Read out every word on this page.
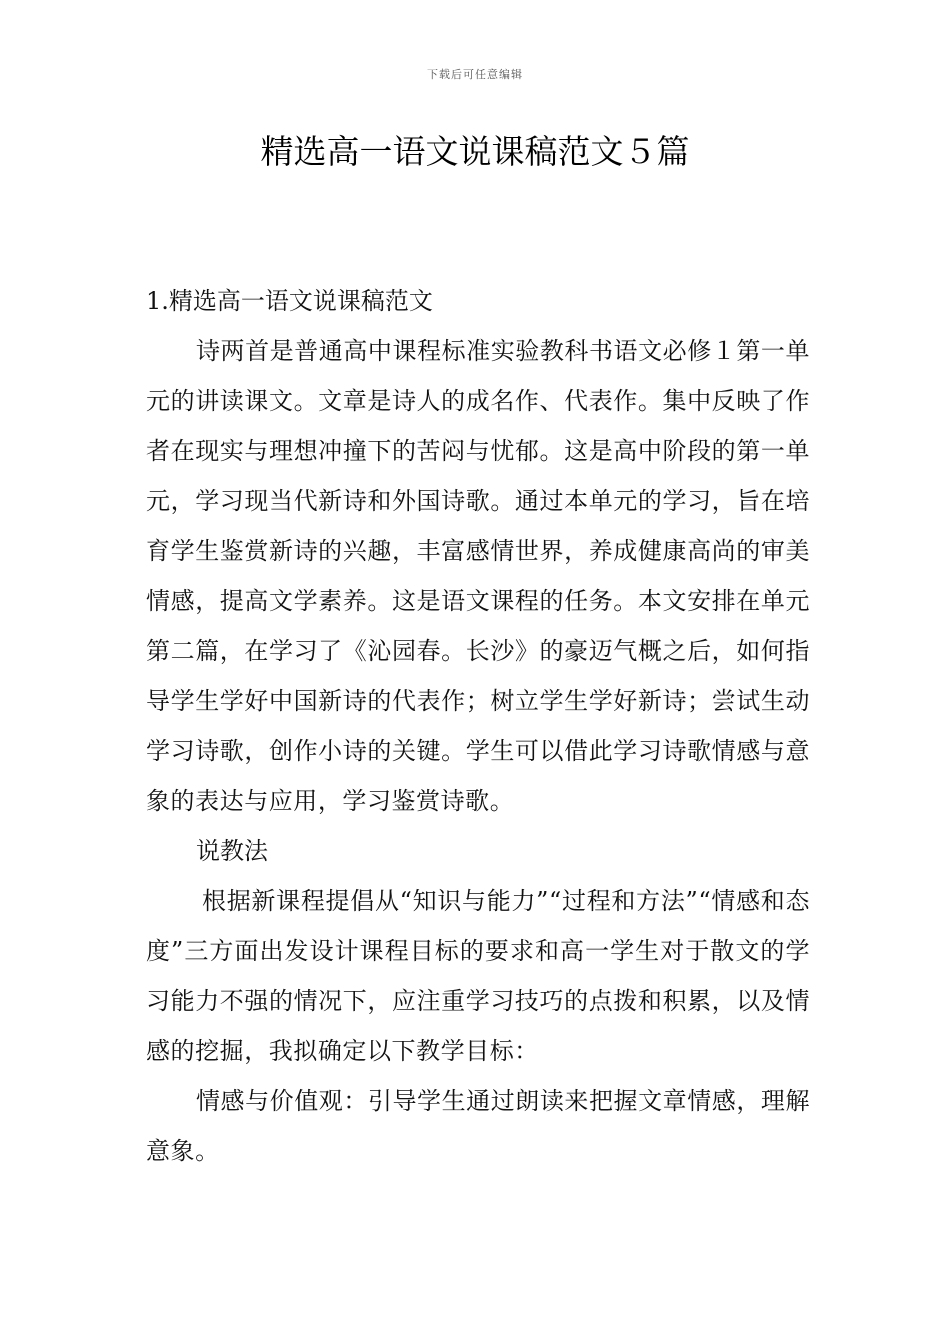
下载后可任意编辑
精选高一语文说课稿范文５篇

1.精选高一语文说课稿范文

诗两首是普通高中课程标准实验教科书语文必修１第一单元的讲读课文。文章是诗人的成名作、代表作。集中反映了作者在现实与理想冲撞下的苦闷与忧郁。这是高中阶段的第一单元，学习现当代新诗和外国诗歌。通过本单元的学习，旨在培育学生鉴赏新诗的兴趣，丰富感情世界，养成健康高尚的审美情感，提高文学素养。这是语文课程的任务。本文安排在单元第二篇，在学习了《沁园春。长沙》的豪迈气概之后，如何指导学生学好中国新诗的代表作；树立学生学好新诗；尝试生动学习诗歌，创作小诗的关键。学生可以借此学习诗歌情感与意象的表达与应用，学习鉴赏诗歌。

说教法

根据新课程提倡从“知识与能力”“过程和方法”“情感和态度”三方面出发设计课程目标的要求和高一学生对于散文的学习能力不强的情况下，应注重学习技巧的点拨和积累，以及情感的挖掘，我拟确定以下教学目标：

情感与价值观：引导学生通过朗读来把握文章情感，理解意象。
